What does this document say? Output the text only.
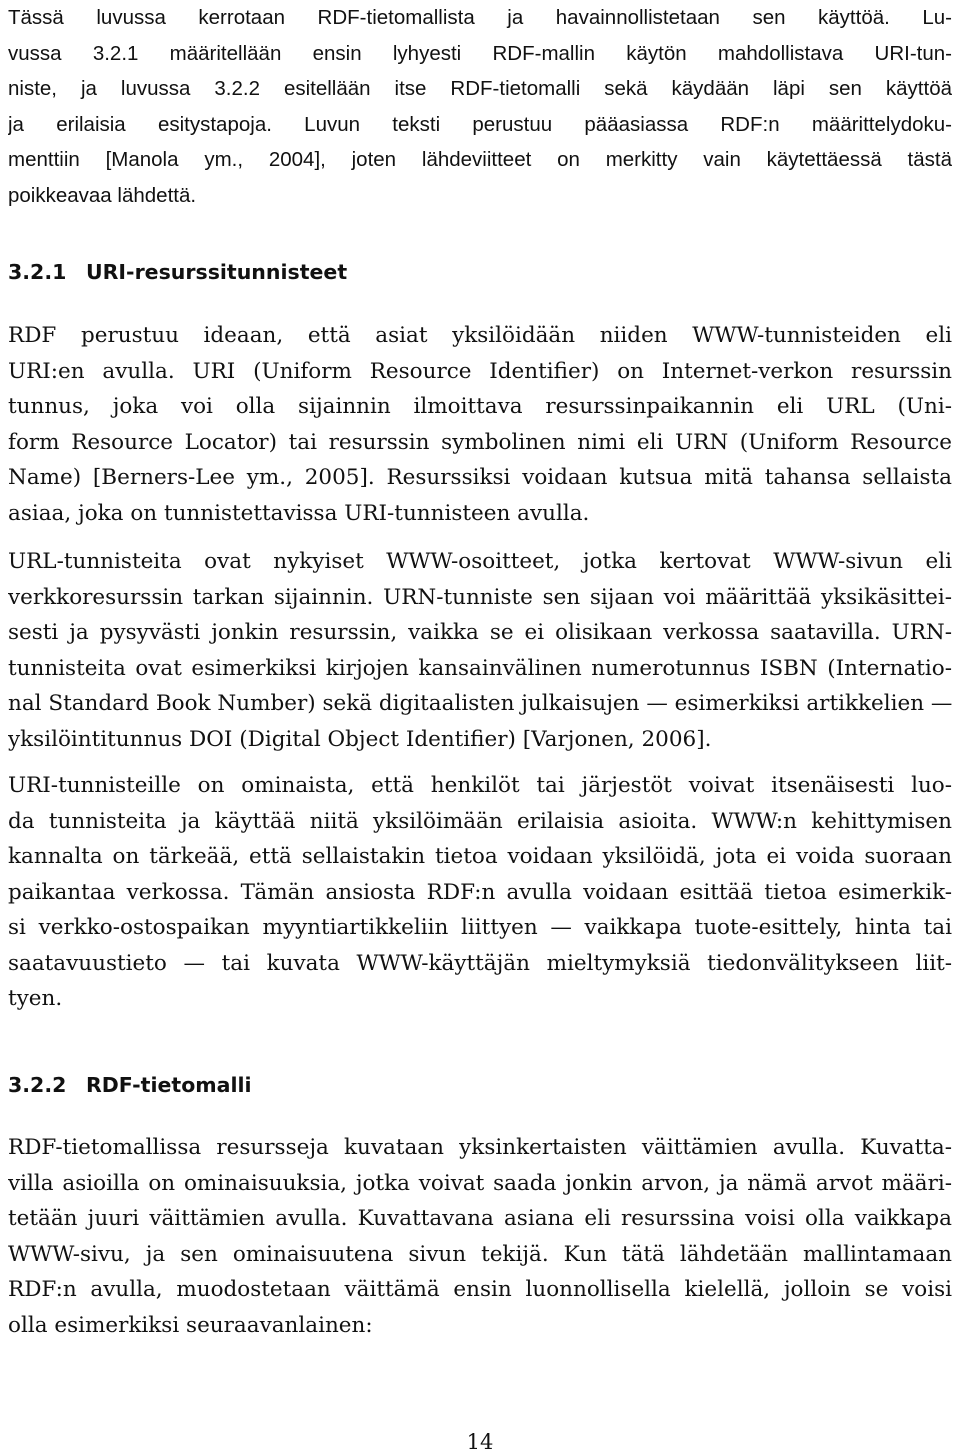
Tässä luvussa kerrotaan RDF-tietomallista ja havainnollistetaan sen käyttöä. Lu-
vussa 3.2.1 määritellään ensin lyhyesti RDF-mallin käytön mahdollistava URI-tun-
niste, ja luvussa 3.2.2 esitellään itse RDF-tietomalli sekä käydään läpi sen käyttöä
ja erilaisia esitystapoja. Luvun teksti perustuu pääasiassa RDF:n määrittelydoku-
menttiin [Manola ym., 2004], joten lähdeviitteet on merkitty vain käytettäessä tästä
poikkeavaa lähdettä.
3.2.1 URI-resurssitunnisteet
RDF perustuu ideaan, että asiat yksilöidään niiden WWW-tunnisteiden eli
URI:en avulla. URI (Uniform Resource Identifier) on Internet-verkon resurssin
tunnus, joka voi olla sijainnin ilmoittava resurssinpaikannin eli URL (Uni-
form Resource Locator) tai resurssin symbolinen nimi eli URN (Uniform Resource
Name) [Berners-Lee ym., 2005]. Resurssiksi voidaan kutsua mitä tahansa sellaista
asiaa, joka on tunnistettavissa URI-tunnisteen avulla.
URL-tunnisteita ovat nykyiset WWW-osoitteet, jotka kertovat WWW-sivun eli
verkkoresurssin tarkan sijainnin. URN-tunniste sen sijaan voi määrittää yksikäsittei-
sesti ja pysyvästi jonkin resurssin, vaikka se ei olisikaan verkossa saatavilla. URN-
tunnisteita ovat esimerkiksi kirjojen kansainvälinen numerotunnus ISBN (Internatio-
nal Standard Book Number) sekä digitaalisten julkaisujen — esimerkiksi artikkelien —
yksilöintitunnus DOI (Digital Object Identifier) [Varjonen, 2006].
URI-tunnisteille on ominaista, että henkilöt tai järjestöt voivat itsenäisesti luo-
da tunnisteita ja käyttää niitä yksilöimään erilaisia asioita. WWW:n kehittymisen
kannalta on tärkeää, että sellaistakin tietoa voidaan yksilöidä, jota ei voida suoraan
paikantaa verkossa. Tämän ansiosta RDF:n avulla voidaan esittää tietoa esimerkik-
si verkko-ostospaikan myyntiartikkeliin liittyen — vaikkapa tuote-esittely, hinta tai
saatavuustieto — tai kuvata WWW-käyttäjän mieltymyksiä tiedonvälitykseen liit-
tyen.
3.2.2 RDF-tietomalli
RDF-tietomallissa resursseja kuvataan yksinkertaisten väittämien avulla. Kuvatta-
villa asioilla on ominaisuuksia, jotka voivat saada jonkin arvon, ja nämä arvot määri-
tetään juuri väittämien avulla. Kuvattavana asiana eli resurssina voisi olla vaikkapa
WWW-sivu, ja sen ominaisuutena sivun tekijä. Kun tätä lähdetään mallintamaan
RDF:n avulla, muodostetaan väittämä ensin luonnollisella kielellä, jolloin se voisi
olla esimerkiksi seuraavanlainen:
14
